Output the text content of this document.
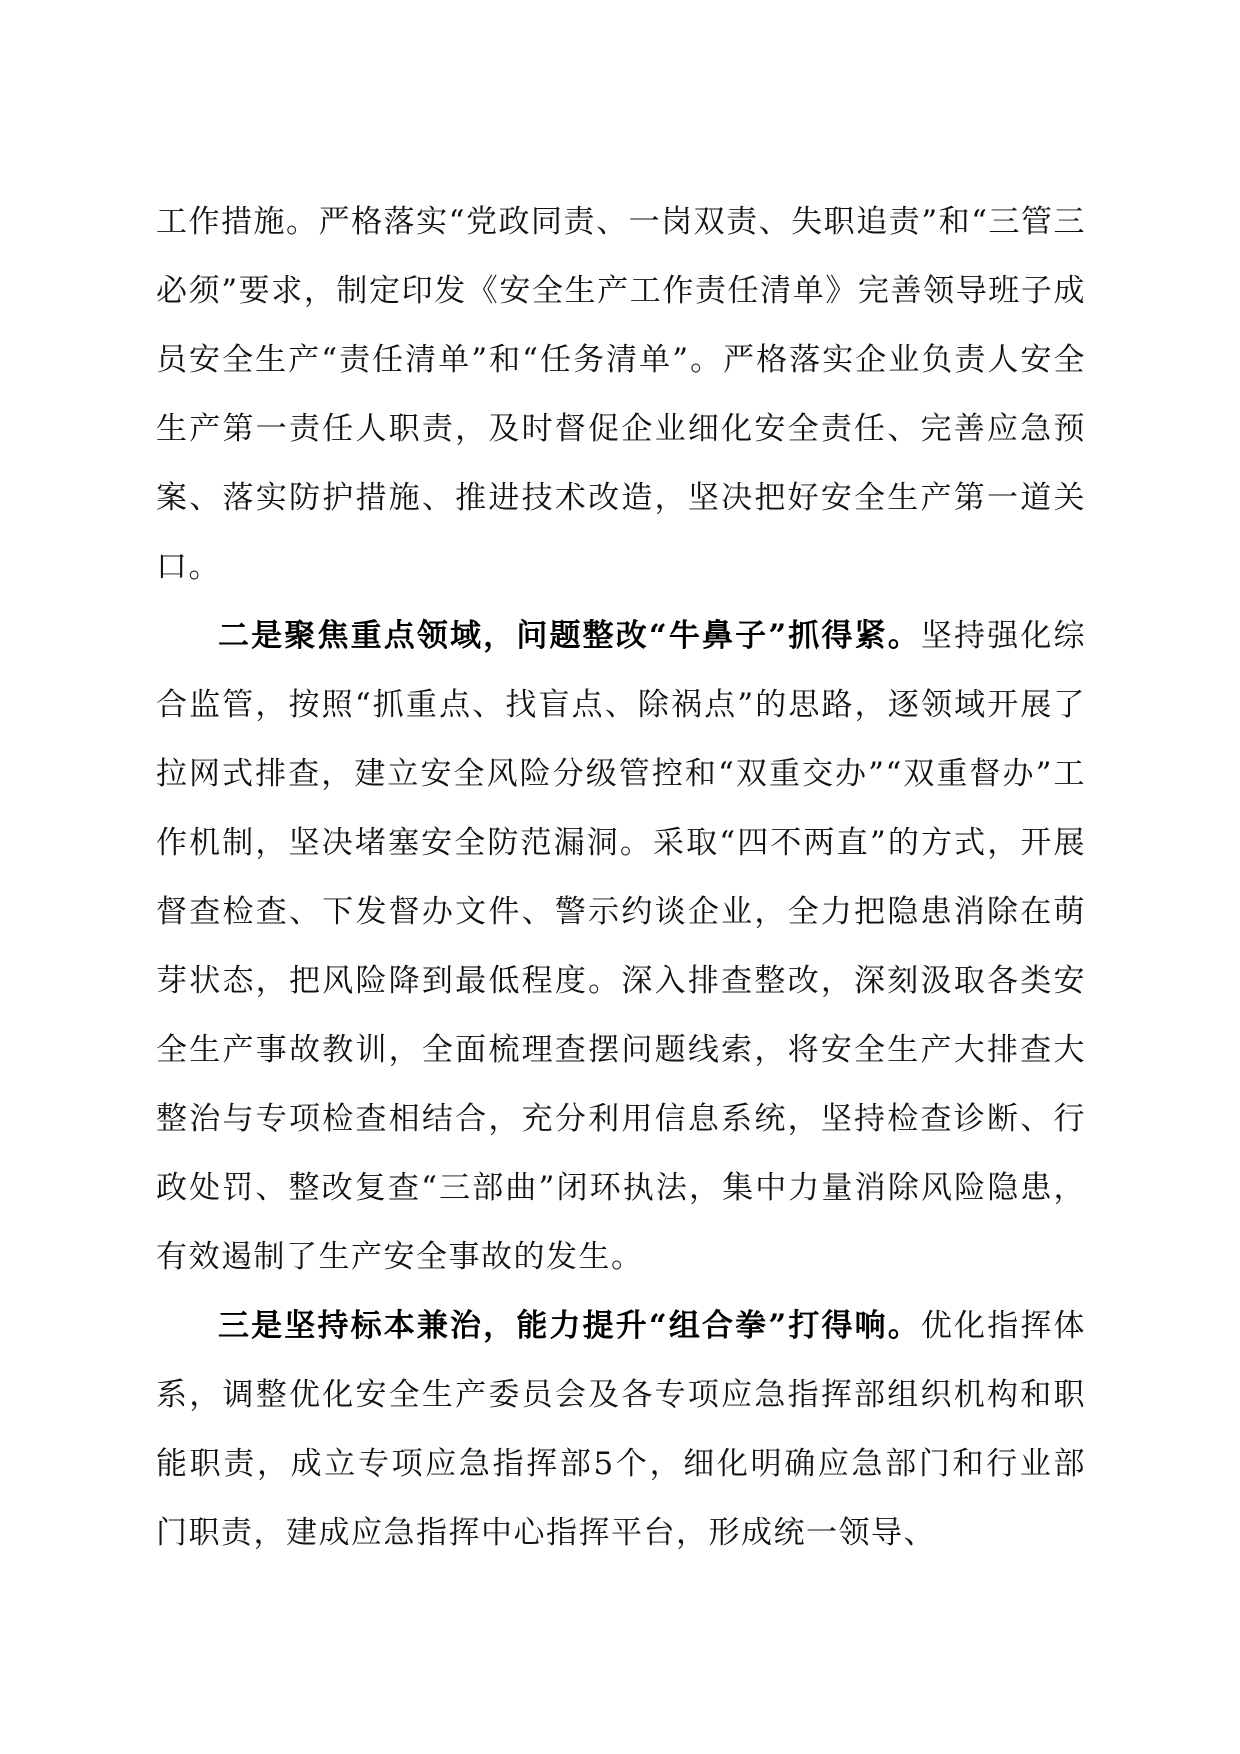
工作措施。严格落实“党政同责、一岗双责、失职追责”和“三管三必须”要求，制定印发《安全生产工作责任清单》完善领导班子成员安全生产“责任清单”和“任务清单”。严格落实企业负责人安全生产第一责任人职责，及时督促企业细化安全责任、完善应急预案、落实防护措施、推进技术改造，坚决把好安全生产第一道关口。

二是聚焦重点领域，问题整改“牛鼻子”抓得紧。坚持强化综合监管，按照“抓重点、找盲点、除祸点”的思路，逐领域开展了拉网式排查，建立安全风险分级管控和“双重交办”“双重督办”工作机制，坚决堵塞安全防范漏洞。采取“四不两直”的方式，开展督查检查、下发督办文件、警示约谈企业，全力把隐患消除在萌芽状态，把风险降到最低程度。深入排查整改，深刻汲取各类安全生产事故教训，全面梳理查摆问题线索，将安全生产大排查大整治与专项检查相结合，充分利用信息系统，坚持检查诊断、行政处罚、整改复查“三部曲”闭环执法，集中力量消除风险隐患，有效遏制了生产安全事故的发生。

三是坚持标本兼治，能力提升“组合拳”打得响。优化指挥体系，调整优化安全生产委员会及各专项应急指挥部组织机构和职能职责，成立专项应急指挥部5个，细化明确应急部门和行业部门职责，建成应急指挥中心指挥平台，形成统一领导、
